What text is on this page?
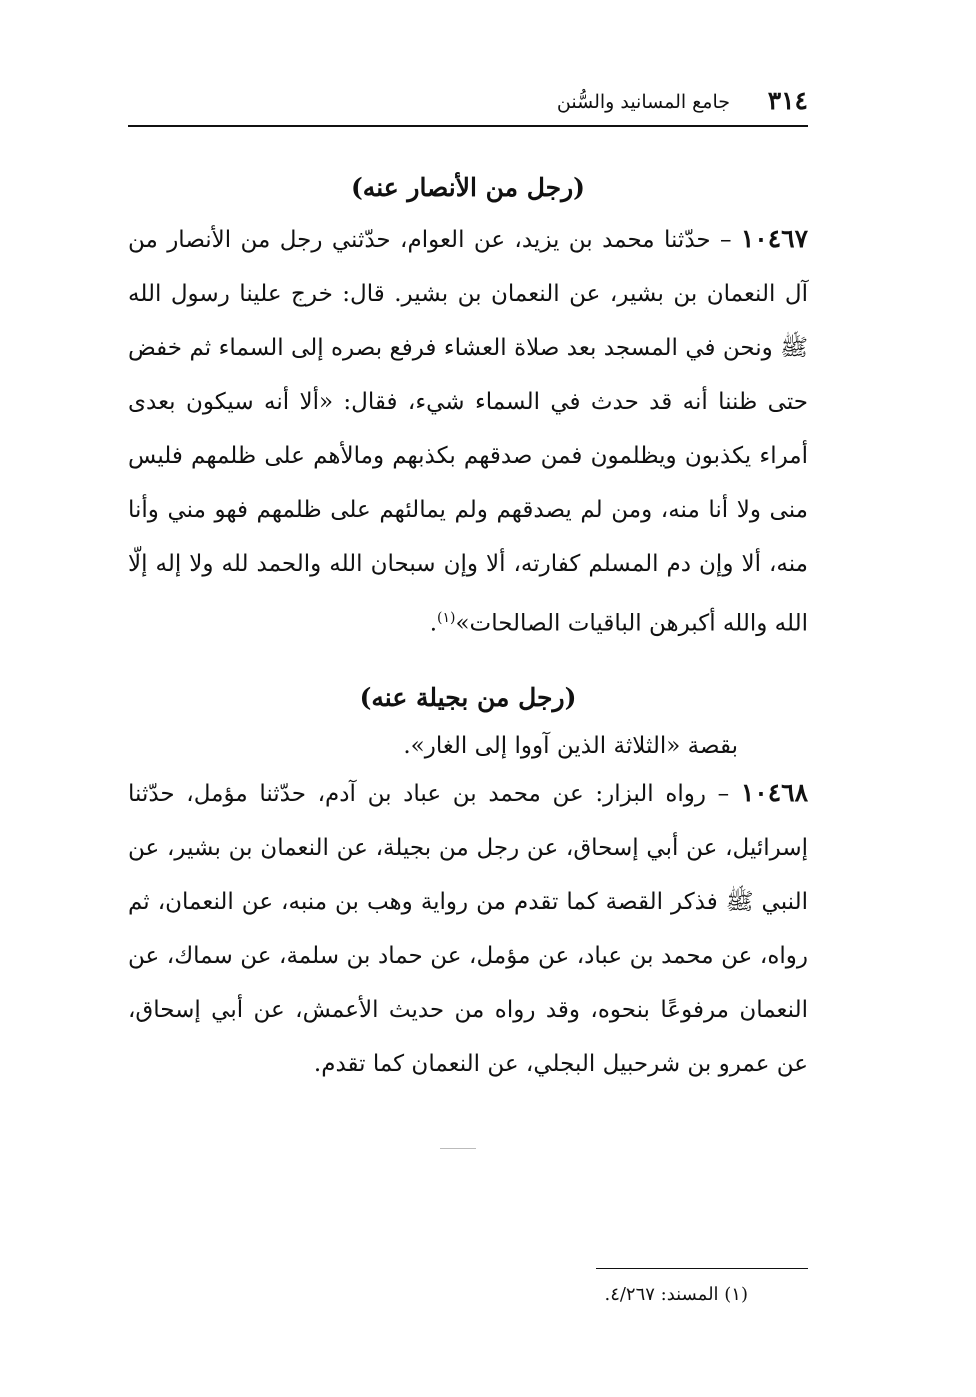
٣١٤
جامع المسانيد والسُّنن
(رجل من الأنصار عنه)
١٠٤٦٧ – حدّثنا محمد بن يزيد، عن العوام، حدّثني رجل من الأنصار من آل النعمان بن بشير، عن النعمان بن بشير. قال: خرج علينا رسول الله ﷺ ونحن في المسجد بعد صلاة العشاء فرفع بصره إلى السماء ثم خفض حتى ظننا أنه قد حدث في السماء شيء، فقال: «ألا أنه سيكون بعدى أمراء يكذبون ويظلمون فمن صدقهم بكذبهم ومالأهم على ظلمهم فليس منى ولا أنا منه، ومن لم يصدقهم ولم يمالئهم على ظلمهم فهو مني وأنا منه، ألا وإن دم المسلم كفارته، ألا وإن سبحان الله والحمد لله ولا إله إلّا الله والله أكبرهن الباقيات الصالحات»$^{(١)}$.
(رجل من بجيلة عنه)
بقصة «الثلاثة الذين آووا إلى الغار».
١٠٤٦٨ – رواه البزار: عن محمد بن عباد بن آدم، حدّثنا مؤمل، حدّثنا إسرائيل، عن أبي إسحاق، عن رجل من بجيلة، عن النعمان بن بشير، عن النبي ﷺ فذكر القصة كما تقدم من رواية وهب بن منبه، عن النعمان، ثم رواه، عن محمد بن عباد، عن مؤمل، عن حماد بن سلمة، عن سماك، عن النعمان مرفوعًا بنحوه، وقد رواه من حديث الأعمش، عن أبي إسحاق، عن عمرو بن شرحبيل البجلي، عن النعمان كما تقدم.
(١) المسند: ٤/٢٦٧.
